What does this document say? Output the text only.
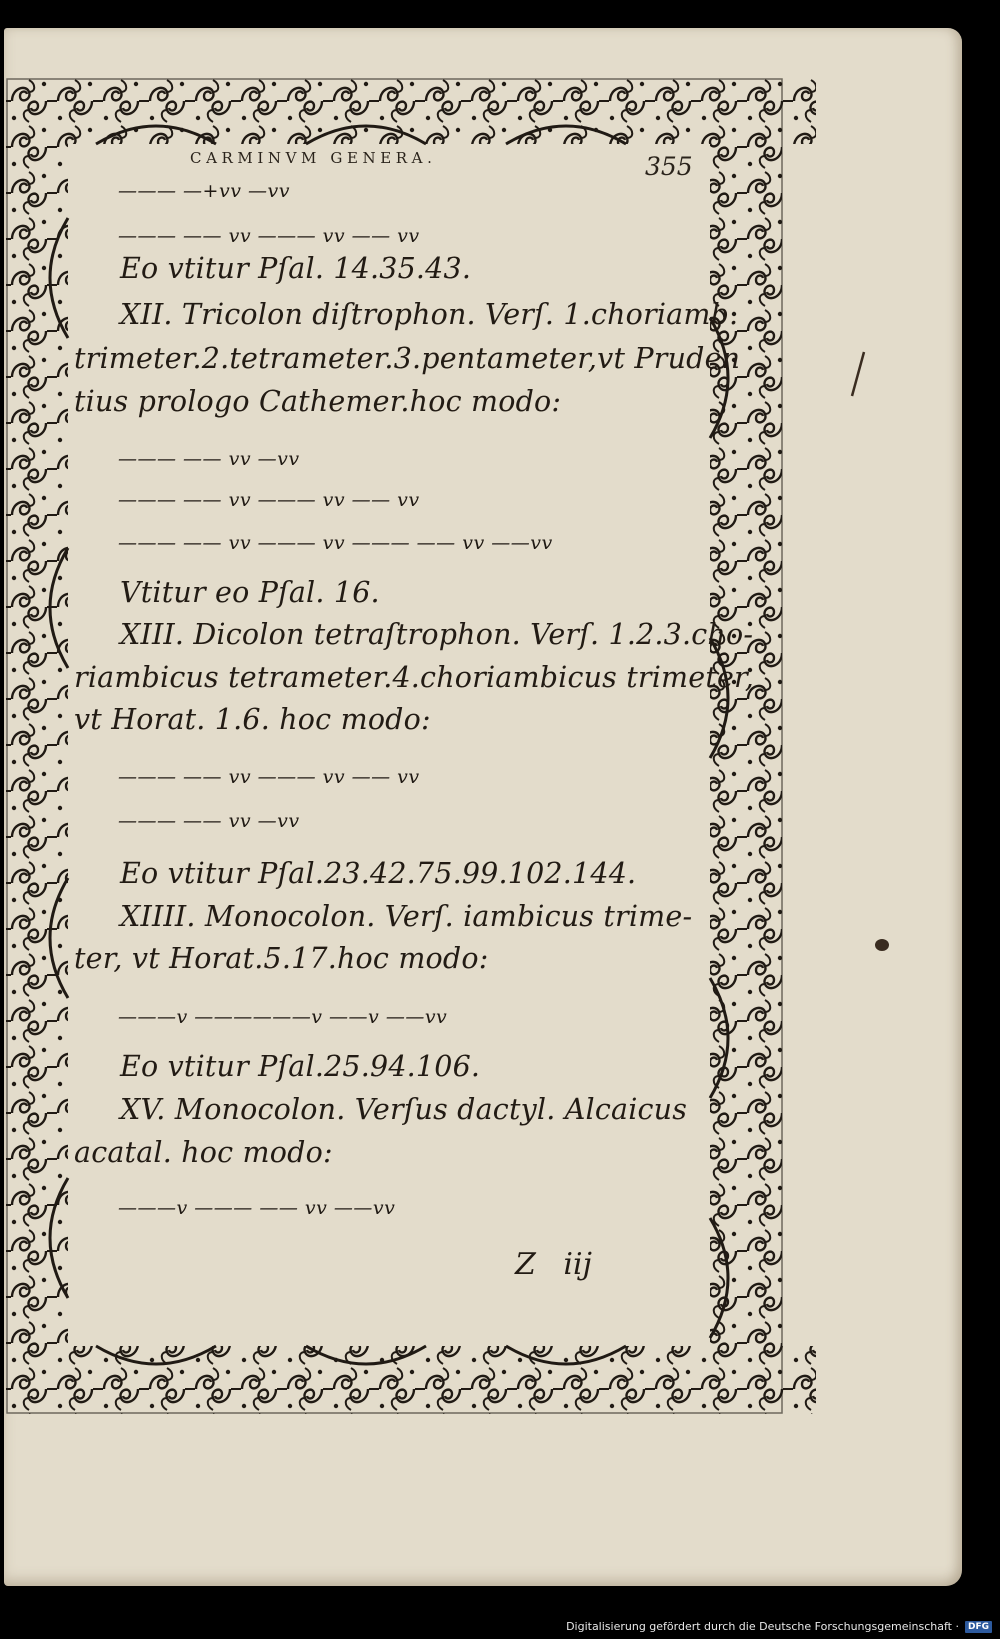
CARMINVM GENERA.	355
——— —+vv —vv
——— —— vv ——— vv —— vv
Eo vtitur Pſal. 14.35.43.
XII. Tricolon diſtrophon. Verſ. 1.choriamb.
trimeter.2.tetrameter.3.pentameter,vt Pruden
tius prologo Cathemer.hoc modo:
——— —— vv —vv
——— —— vv ——— vv —— vv
——— —— vv ——— vv ——— —— vv ——vv
Vtitur eo Pſal. 16.
XIII. Dicolon tetraſtrophon. Verſ. 1.2.3.cho-
riambicus tetrameter.4.choriambicus trimeter,
vt Horat. 1.6. hoc modo:
——— —— vv ——— vv —— vv
——— —— vv —vv
Eo vtitur Pſal.23.42.75.99.102.144.
XIIII. Monocolon. Verſ. iambicus trime-
ter, vt Horat.5.17.hoc modo:
———v ——————v ——v ——vv
Eo vtitur Pſal.25.94.106.
XV. Monocolon. Verſus dactyl. Alcaicus
acatal. hoc modo:
———v ——— —— vv ——vv
Z iij
Digitalisierung gefördert durch die Deutsche Forschungsgemeinschaft ·	DFG
